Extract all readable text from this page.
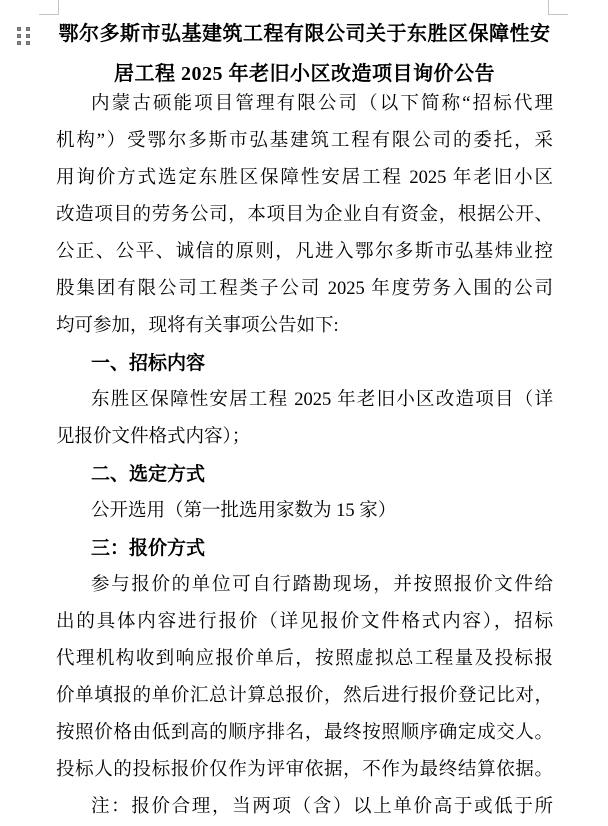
鄂尔多斯市弘基建筑工程有限公司关于东胜区保障性安
居工程 2025 年老旧小区改造项目询价公告
内蒙古硕能项目管理有限公司（以下简称“招标代理
机构”）受鄂尔多斯市弘基建筑工程有限公司的委托，采
用询价方式选定东胜区保障性安居工程 2025 年老旧小区
改造项目的劳务公司，本项目为企业自有资金，根据公开、
公正、公平、诚信的原则，凡进入鄂尔多斯市弘基炜业控
股集团有限公司工程类子公司 2025 年度劳务入围的公司
均可参加，现将有关事项公告如下:
一、招标内容
东胜区保障性安居工程 2025 年老旧小区改造项目（详
见报价文件格式内容）；
二、选定方式
公开选用（第一批选用家数为 15 家）
三：报价方式
参与报价的单位可自行踏勘现场，并按照报价文件给
出的具体内容进行报价（详见报价文件格式内容），招标
代理机构收到响应报价单后，按照虚拟总工程量及投标报
价单填报的单价汇总计算总报价，然后进行报价登记比对，
按照价格由低到高的顺序排名，最终按照顺序确定成交人。
投标人的投标报价仅作为评审依据，不作为最终结算依据。
注：报价合理，当两项（含）以上单价高于或低于所
